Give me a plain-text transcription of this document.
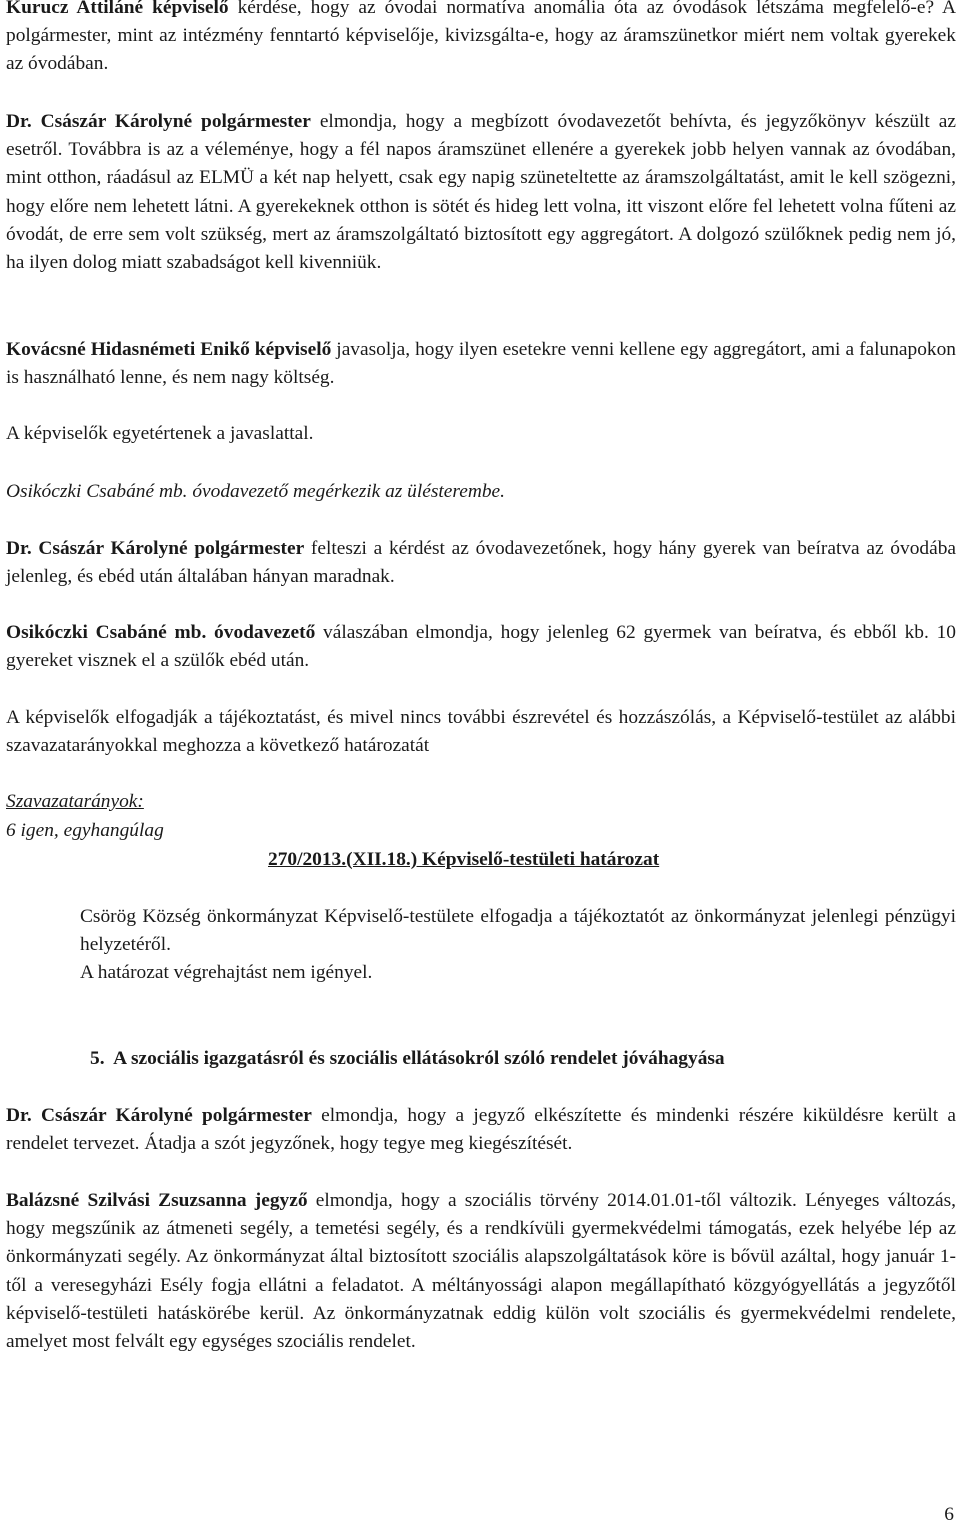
Kurucz Attiláné képviselő kérdése, hogy az óvodai normatíva anomália óta az óvodások létszáma megfelelő-e? A polgármester, mint az intézmény fenntartó képviselője, kivizsgálta-e, hogy az áramszünetkor miért nem voltak gyerekek az óvodában.

Dr. Császár Károlyné polgármester elmondja, hogy a megbízott óvodavezetőt behívta, és jegyzőkönyv készült az esetről. Továbbra is az a véleménye, hogy a fél napos áramszünet ellenére a gyerekek jobb helyen vannak az óvodában, mint otthon, ráadásul az ELMÜ a két nap helyett, csak egy napig szüneteltette az áramszolgáltatást, amit le kell szögezni, hogy előre nem lehetett látni. A gyerekeknek otthon is sötét és hideg lett volna, itt viszont előre fel lehetett volna fűteni az óvodát, de erre sem volt szükség, mert az áramszolgáltató biztosított egy aggregátort. A dolgozó szülőknek pedig nem jó, ha ilyen dolog miatt szabadságot kell kivenniük.

Kovácsné Hidasnémeti Enikő képviselő javasolja, hogy ilyen esetekre venni kellene egy aggregátort, ami a falunapokon is használható lenne, és nem nagy költség.

A képviselők egyetértenek a javaslattal.

Osikóczki Csabáné mb. óvodavezető megérkezik az ülésterembe.

Dr. Császár Károlyné polgármester felteszi a kérdést az óvodavezetőnek, hogy hány gyerek van beíratva az óvodába jelenleg, és ebéd után általában hányan maradnak.

Osikóczki Csabáné mb. óvodavezető válaszában elmondja, hogy jelenleg 62 gyermek van beíratva, és ebből kb. 10 gyereket visznek el a szülők ebéd után.

A képviselők elfogadják a tájékoztatást, és mivel nincs további észrevétel és hozzászólás, a Képviselő-testület az alábbi szavazatarányokkal meghozza a következő határozatát

Szavazatarányok:

6 igen, egyhangúlag

270/2013.(XII.18.) Képviselő-testületi határozat

Csörög Község önkormányzat Képviselő-testülete elfogadja a tájékoztatót az önkormányzat jelenlegi pénzügyi helyzetéről.

A határozat végrehajtást nem igényel.

5. A szociális igazgatásról és szociális ellátásokról szóló rendelet jóváhagyása

Dr. Császár Károlyné polgármester elmondja, hogy a jegyző elkészítette és mindenki részére kiküldésre került a rendelet tervezet. Átadja a szót jegyzőnek, hogy tegye meg kiegészítését.

Balázsné Szilvási Zsuzsanna jegyző elmondja, hogy a szociális törvény 2014.01.01-től változik. Lényeges változás, hogy megszűnik az átmeneti segély, a temetési segély, és a rendkívüli gyermekvédelmi támogatás, ezek helyébe lép az önkormányzati segély. Az önkormányzat által biztosított szociális alapszolgáltatások köre is bővül azáltal, hogy január 1-től a veresegyházi Esély fogja ellátni a feladatot. A méltányossági alapon megállapítható közgyógyellátás a jegyzőtől képviselő-testületi hatáskörébe kerül. Az önkormányzatnak eddig külön volt szociális és gyermekvédelmi rendelete, amelyet most felvált egy egységes szociális rendelet.

6
